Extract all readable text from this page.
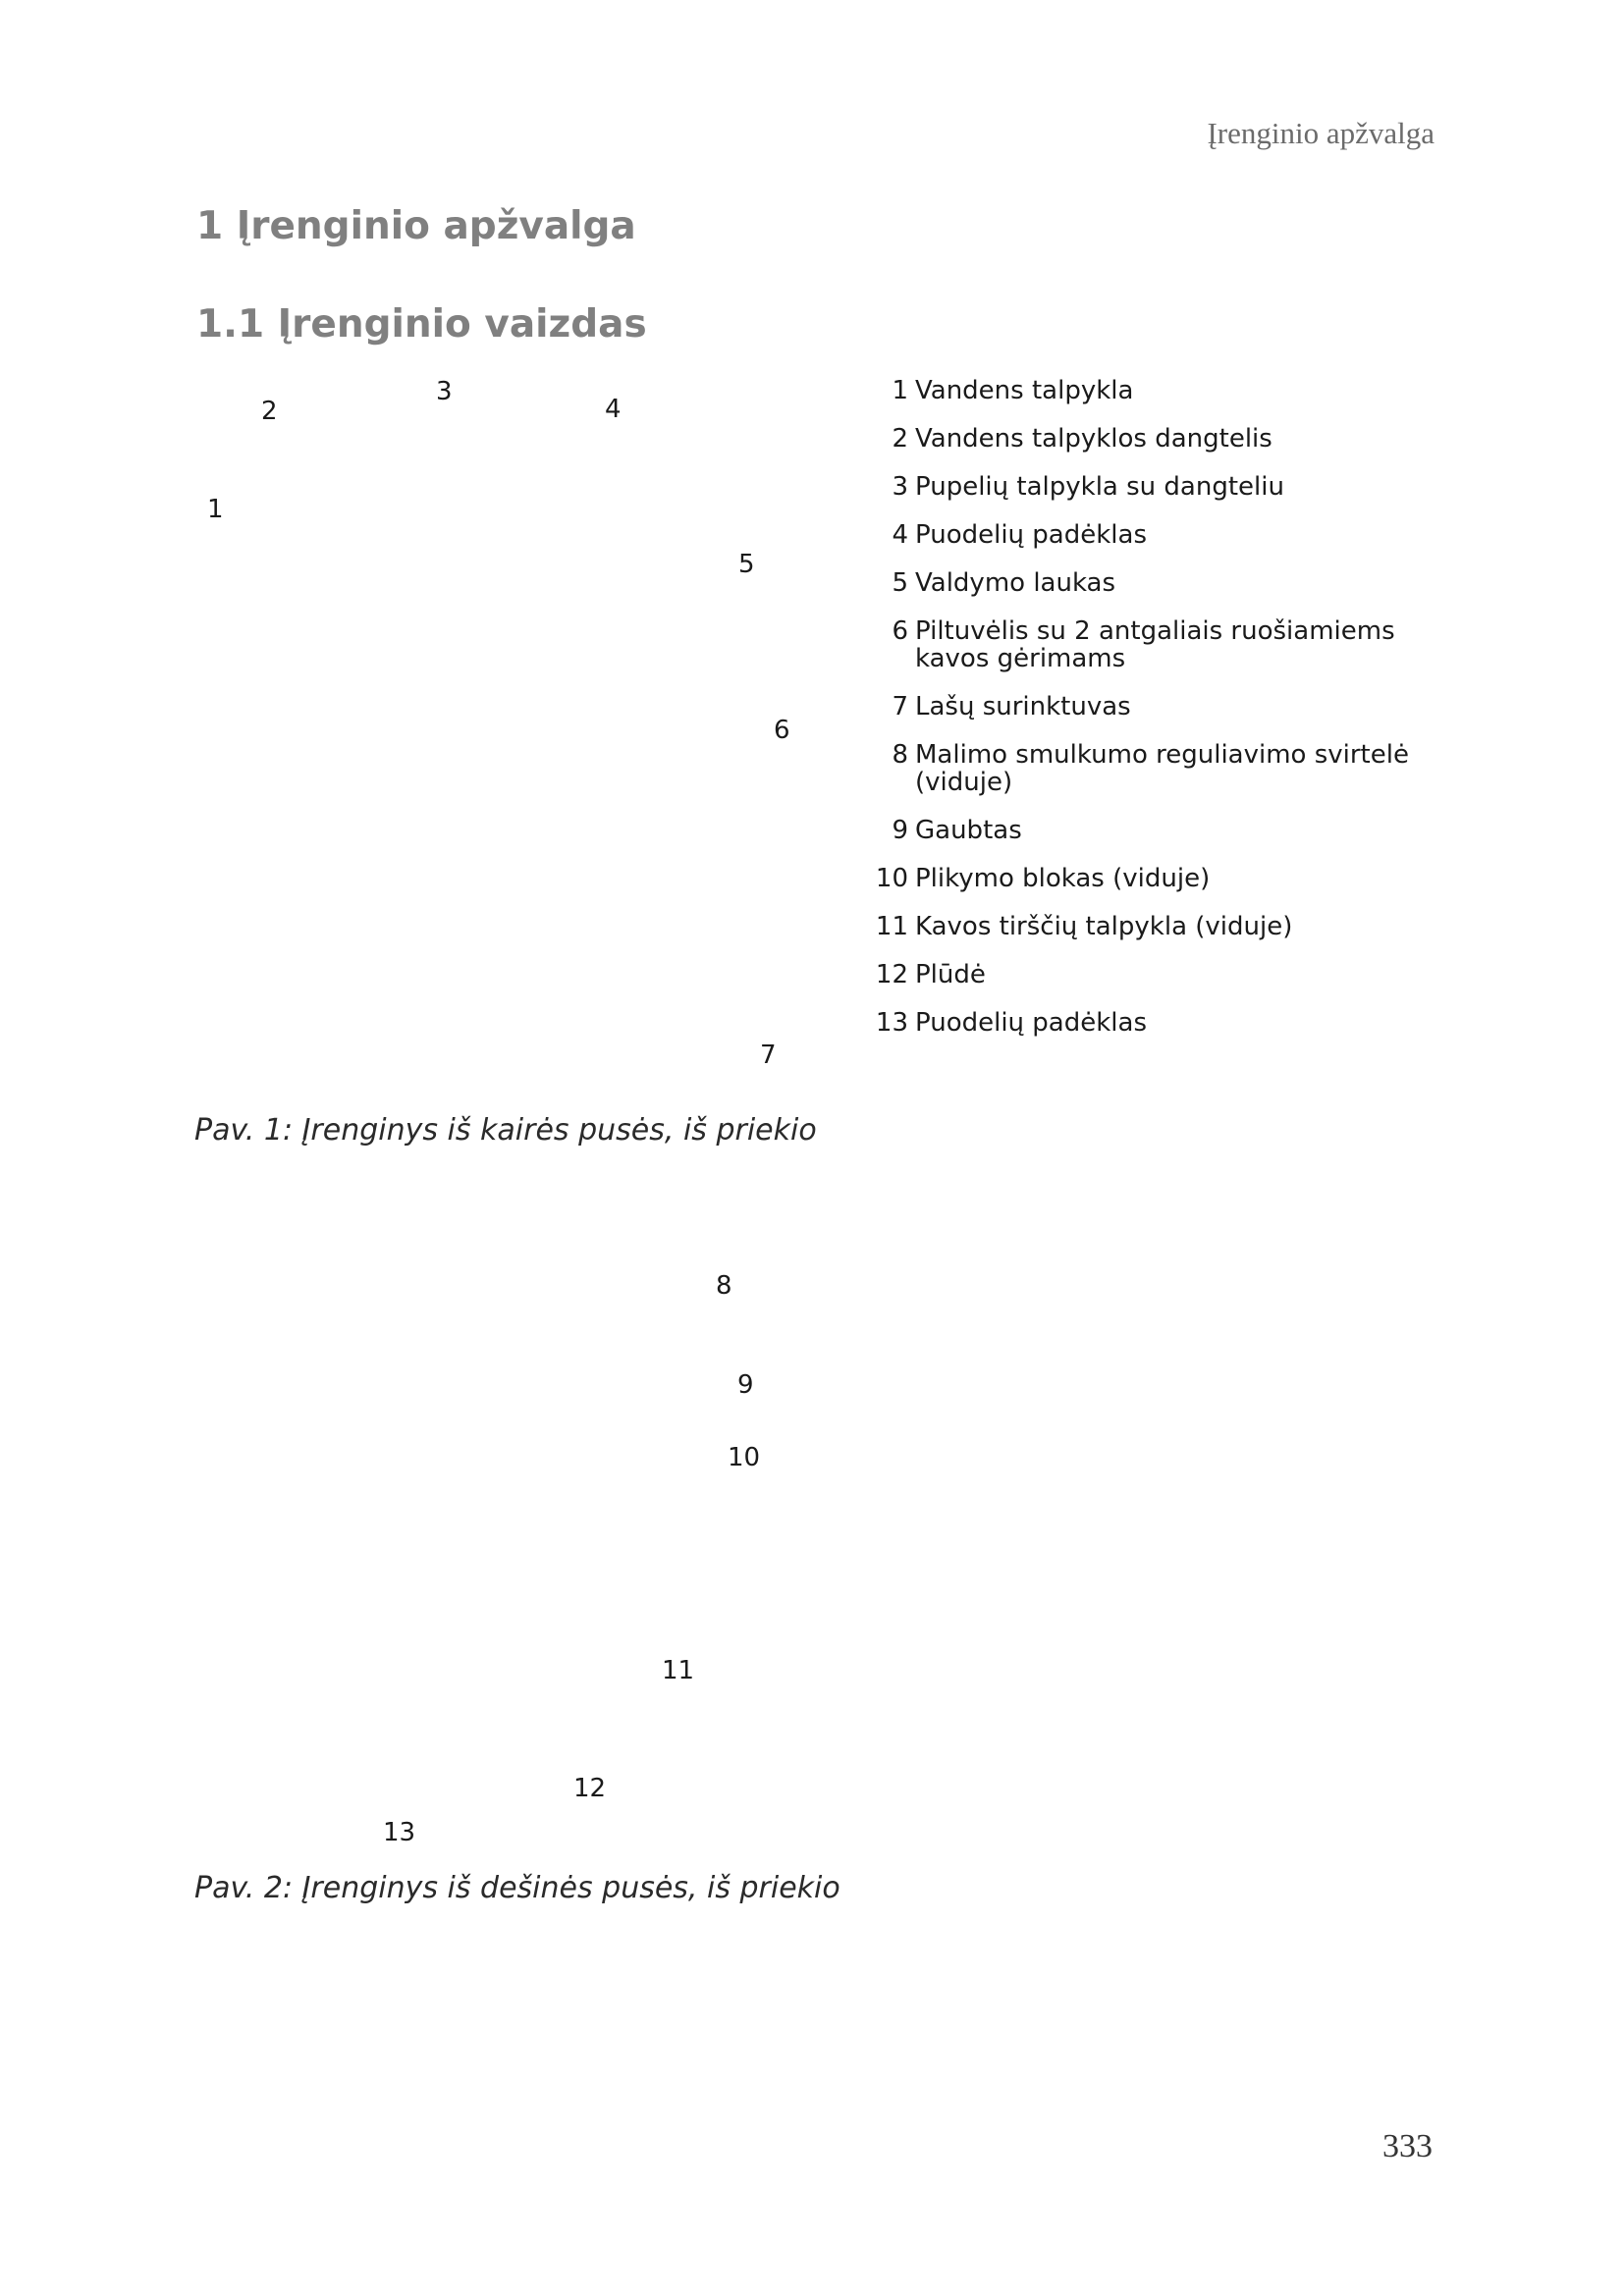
Įrenginio apžvalga
1 Įrenginio apžvalga
1.1 Įrenginio vaizdas
2
3
4
1
5
6
7
Pav. 1: Įrenginys iš kairės pusės, iš priekio
1 Vandens talpykla
2 Vandens talpyklos dangtelis
3 Pupelių talpykla su dangteliu
4 Puodelių padėklas
5 Valdymo laukas
6 Piltuvėlis su 2 antgaliais ruošiamiems kavos gėrimams
7 Lašų surinktuvas
8 Malimo smulkumo reguliavimo svirtelė (viduje)
9 Gaubtas
10 Plikymo blokas (viduje)
11 Kavos tirščių talpykla (viduje)
12 Plūdė
13 Puodelių padėklas
8
9
10
11
12
13
Pav. 2: Įrenginys iš dešinės pusės, iš priekio
333
